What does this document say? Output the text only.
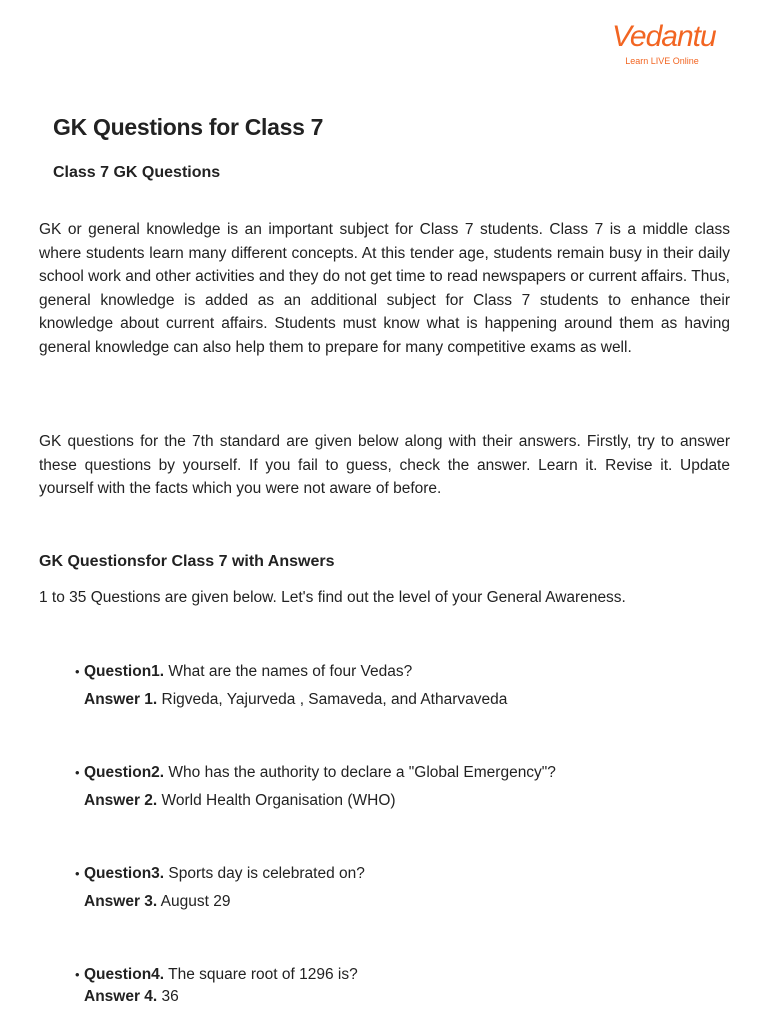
Vedantu
Learn LIVE Online
GK Questions for Class 7
Class 7 GK Questions

GK or general knowledge is an important subject for Class 7 students. Class 7 is a middle class where students learn many different concepts. At this tender age, students remain busy in their daily school work and other activities and they do not get time to read newspapers or current affairs. Thus, general knowledge is added as an additional subject for Class 7 students to enhance their knowledge about current affairs. Students must know what is happening around them as having general knowledge can also help them to prepare for many competitive exams as well.

GK questions for the 7th standard are given below along with their answers. Firstly, try to answer these questions by yourself. If you fail to guess, check the answer. Learn it. Revise it. Update yourself with the facts which you were not aware of before.

GK Questionsfor Class 7 with Answers

1 to 35 Questions are given below. Let's find out the level of your General Awareness.

• Question1. What are the names of four Vedas?
Answer 1. Rigveda, Yajurveda , Samaveda, and Atharvaveda
• Question2. Who has the authority to declare a "Global Emergency"?
Answer 2. World Health Organisation (WHO)
• Question3. Sports day is celebrated on?
Answer 3. August 29
• Question4. The square root of 1296 is?
Answer 4. 36
